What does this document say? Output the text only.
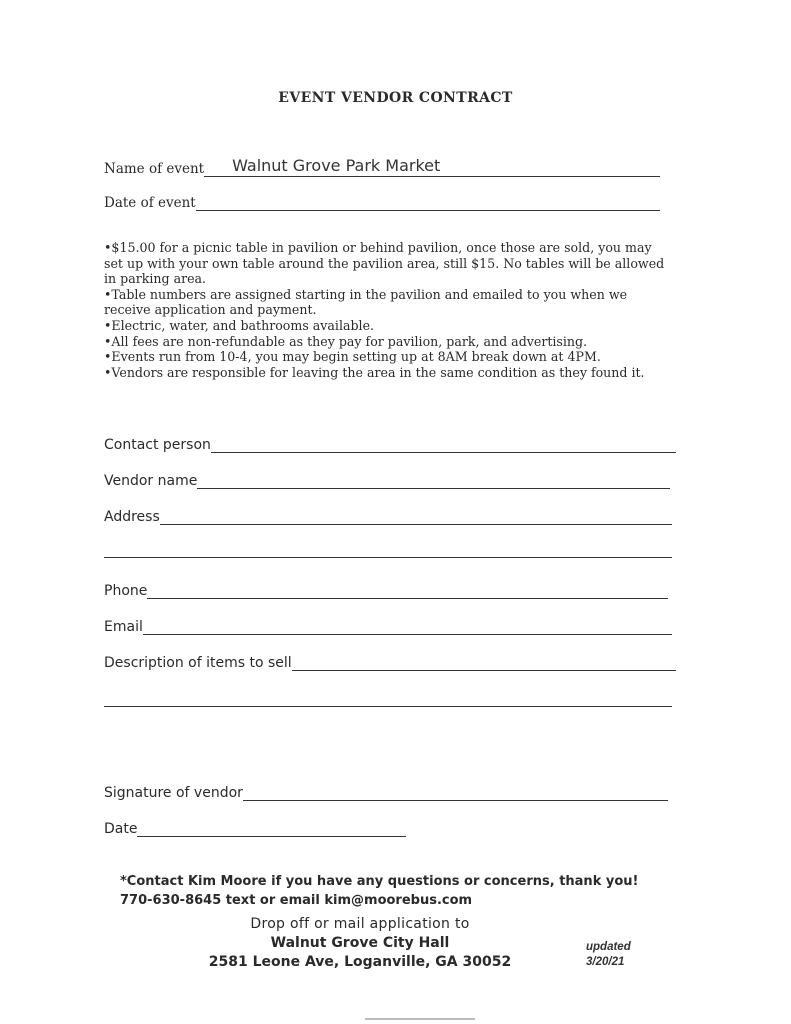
EVENT VENDOR CONTRACT
Name of event Walnut Grove Park Market
Date of event
•$15.00 for a picnic table in pavilion or behind pavilion, once those are sold, you may set up with your own table around the pavilion area, still $15. No tables will be allowed in parking area.
•Table numbers are assigned starting in the pavilion and emailed to you when we receive application and payment.
•Electric, water, and bathrooms available.
•All fees are non-refundable as they pay for pavilion, park, and advertising.
•Events run from 10-4, you may begin setting up at 8AM break down at 4PM.
•Vendors are responsible for leaving the area in the same condition as they found it.
Contact person
Vendor name
Address
Phone
Email
Description of items to sell
Signature of vendor
Date
*Contact Kim Moore if you have any questions or concerns, thank you!
770-630-8645 text or email kim@moorebus.com
Drop off or mail application to
Walnut Grove City Hall
2581 Leone Ave, Loganville, GA 30052
updated
3/20/21
